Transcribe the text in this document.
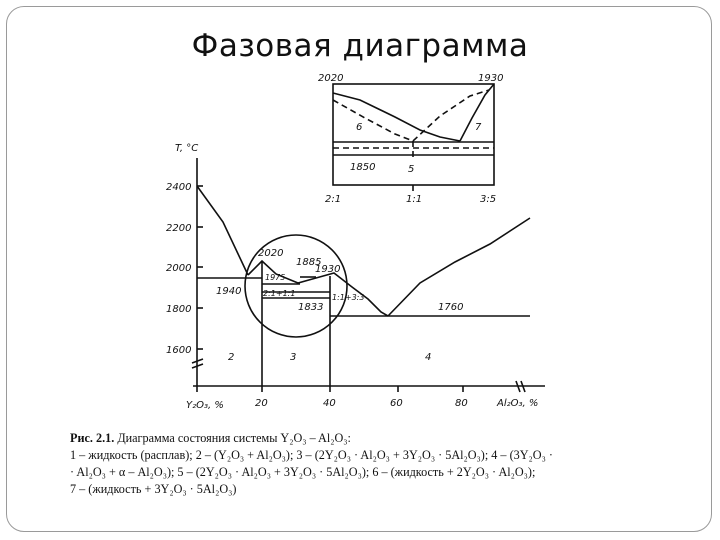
Фазовая диаграмма
T, °C
Y₂O₃, %	Al₂O₃, %
2400
2200
2000
1800
1600
20	40	60	80
1940
2020
1885
1930
1975
1833	1760
2	3	4
2:1+1:1	1:1+3:3
2020	1930
1850
6	7
5
2:1	1:1	3:5
Рис. 2.1. Диаграмма состояния системы Y₂O₃ – Al₂O₃:
1 – жидкость (расплав); 2 – (Y₂O₃ + Al₂O₃); 3 – (2Y₂O₃ · Al₂O₃ + 3Y₂O₃ · 5Al₂O₃); 4 – (3Y₂O₃ ·
· Al₂O₃ + α – Al₂O₃); 5 – (2Y₂O₃ · Al₂O₃ + 3Y₂O₃ · 5Al₂O₃); 6 – (жидкость + 2Y₂O₃ · Al₂O₃);
7 – (жидкость + 3Y₂O₃ · 5Al₂O₃)
